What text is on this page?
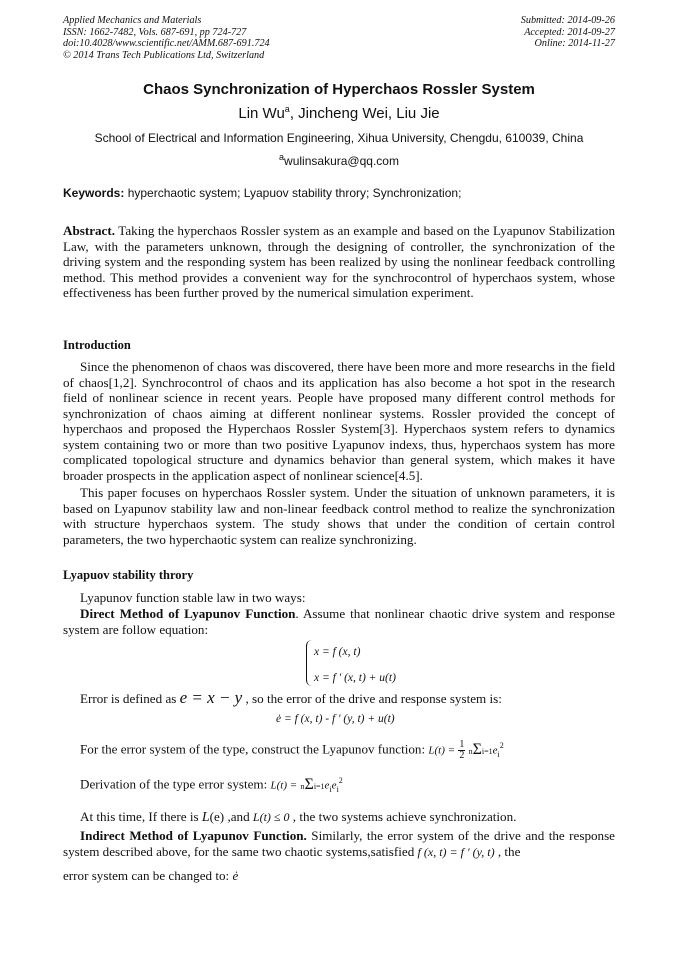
Applied Mechanics and Materials
ISSN: 1662-7482, Vols. 687-691, pp 724-727
doi:10.4028/www.scientific.net/AMM.687-691.724
© 2014 Trans Tech Publications Ltd, Switzerland
Submitted: 2014-09-26
Accepted: 2014-09-27
Online: 2014-11-27
Chaos Synchronization of Hyperchaos Rossler System
Lin Wu$^a$, Jincheng Wei, Liu Jie
School of Electrical and Information Engineering, Xihua University, Chengdu, 610039, China
$^a$wulinsakura@qq.com
Keywords: hyperchaotic system; Lyapuov stability throry; Synchronization;
Abstract. Taking the hyperchaos Rossler system as an example and based on the Lyapunov Stabilization Law, with the parameters unknown, through the designing of controller, the synchronization of the driving system and the responding system has been realized by using the nonlinear feedback controlling method. This method provides a convenient way for the synchrocontrol of hyperchaos system, whose effectiveness has been further proved by the numerical simulation experiment.
Introduction
Since the phenomenon of chaos was discovered, there have been more and more researchs in the field of chaos[1,2]. Synchrocontrol of chaos and its application has also become a hot spot in the research field of nonlinear science in recent years. People have proposed many different control methods for synchronization of chaos aiming at different nonlinear systems. Rossler provided the concept of hyperchaos and proposed the Hyperchaos Rossler System[3]. Hyperchaos system refers to dynamics system containing two or more than two positive Lyapunov indexs, thus, hyperchaos system has more complicated topological structure and dynamics behavior than general system, which makes it have broader prospects in the application aspect of nonlinear science[4.5].
This paper focuses on hyperchaos Rossler system. Under the situation of unknown parameters, it is based on Lyapunov stability law and non-linear feedback control method to realize the synchronization with structure hyperchaos system. The study shows that under the condition of certain control parameters, the two hyperchaotic system can realize synchronizing.
Lyapuov stability throry
Lyapunov function stable law in two ways:
Direct Method of Lyapunov Function. Assume that nonlinear chaotic drive system and response system are follow equation:
x = f (x, t)
x = f ′ (x, t) + u(t)
Error is defined as e = x − y , so the error of the drive and response system is:
ė = f (x, t) - f ′ (y, t) + u(t)
For the error system of the type, construct the Lyapunov function: $L(t) = \frac{1}{2} n\Sigma i=1e_i^2$
Derivation of the type error system: $L(t) = n\Sigma i=1e_ie_i^2$
At this time, If there is L(e) ,and L(t) ≤ 0 , the two systems achieve synchronization.
Indirect Method of Lyapunov Function. Similarly, the error system of the drive and the response system described above, for the same two chaotic systems,satisfied f (x, t) = f ′ (y, t) , the
error system can be changed to: ė
